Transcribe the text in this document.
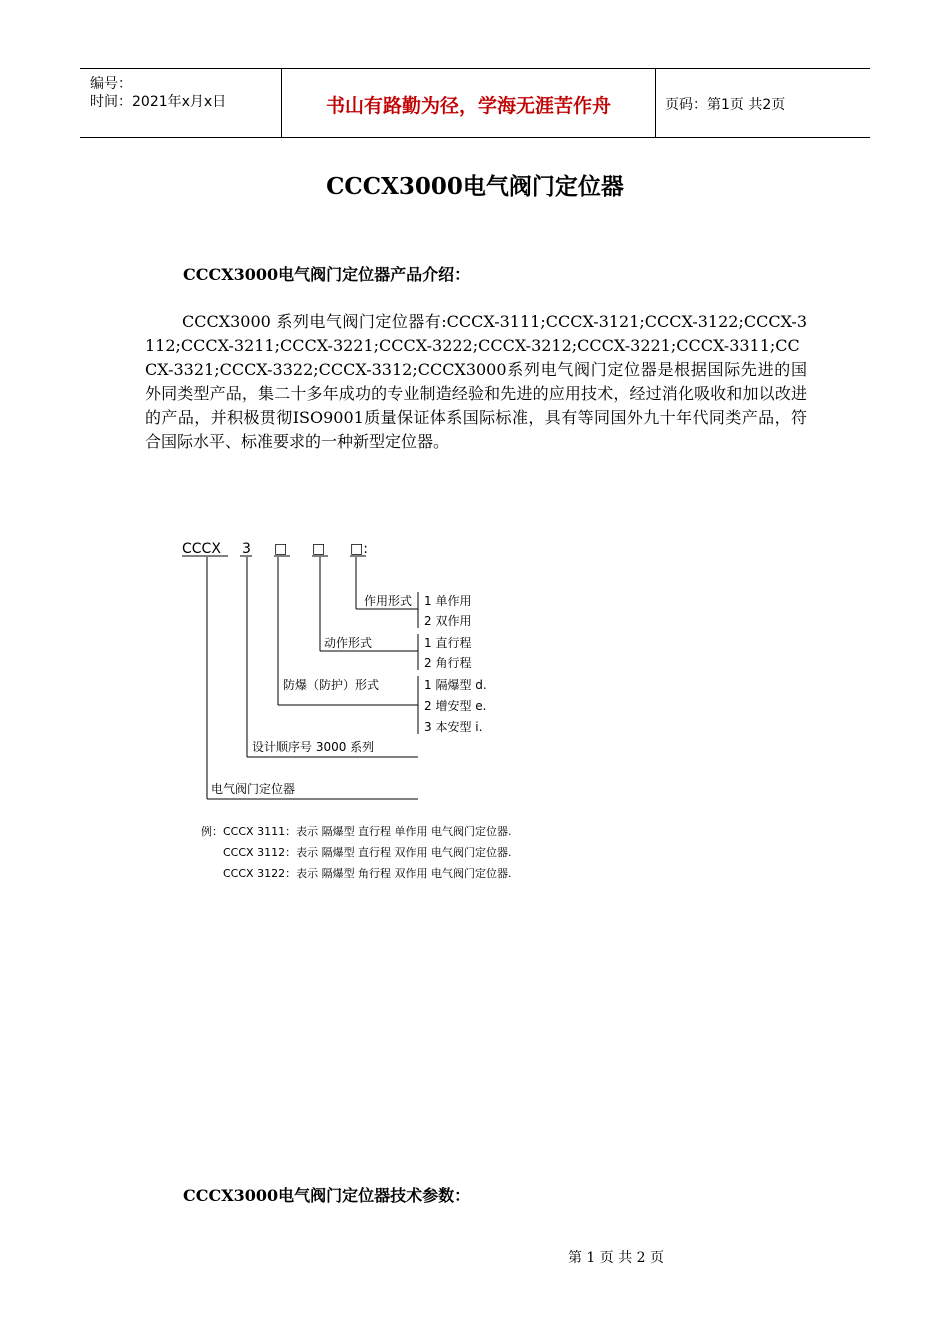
编号：
时间：2021年x月x日	书山有路勤为径，学海无涯苦作舟	页码：第1页 共2页
CCCX3000电气阀门定位器
CCCX3000电气阀门定位器产品介绍：

CCCX3000 系列电气阀门定位器有:CCCX-3111;CCCX-3121;CCCX-3122;CCCX-3112;CCCX-3211;CCCX-3221;CCCX-3222;CCCX-3212;CCCX-3221;CCCX-3311;CCCX-3321;CCCX-3322;CCCX-3312;CCCX3000系列电气阀门定位器是根据国际先进的国外同类型产品，集二十多年成功的专业制造经验和先进的应用技术，经过消化吸收和加以改进的产品，并积极贯彻ISO9001质量保证体系国际标准，具有等同国外九十年代同类产品，符合国际水平、标准要求的一种新型定位器。

CCCX 3 □ □ □:
作用形式 1 单作用
2 双作用
动作形式	1 直行程
2 角行程
防爆（防护）形式	1 隔爆型 d.
2 增安型 e.
3 本安型 i.
设计顺序号 3000 系列
电气阀门定位器
例：CCCX 3111：表示 隔爆型 直行程 单作用 电气阀门定位器.
CCCX 3112：表示 隔爆型 直行程 双作用 电气阀门定位器.
CCCX 3122：表示 隔爆型 角行程 双作用 电气阀门定位器.
CCCX3000电气阀门定位器技术参数：
第 1 页 共 2 页
